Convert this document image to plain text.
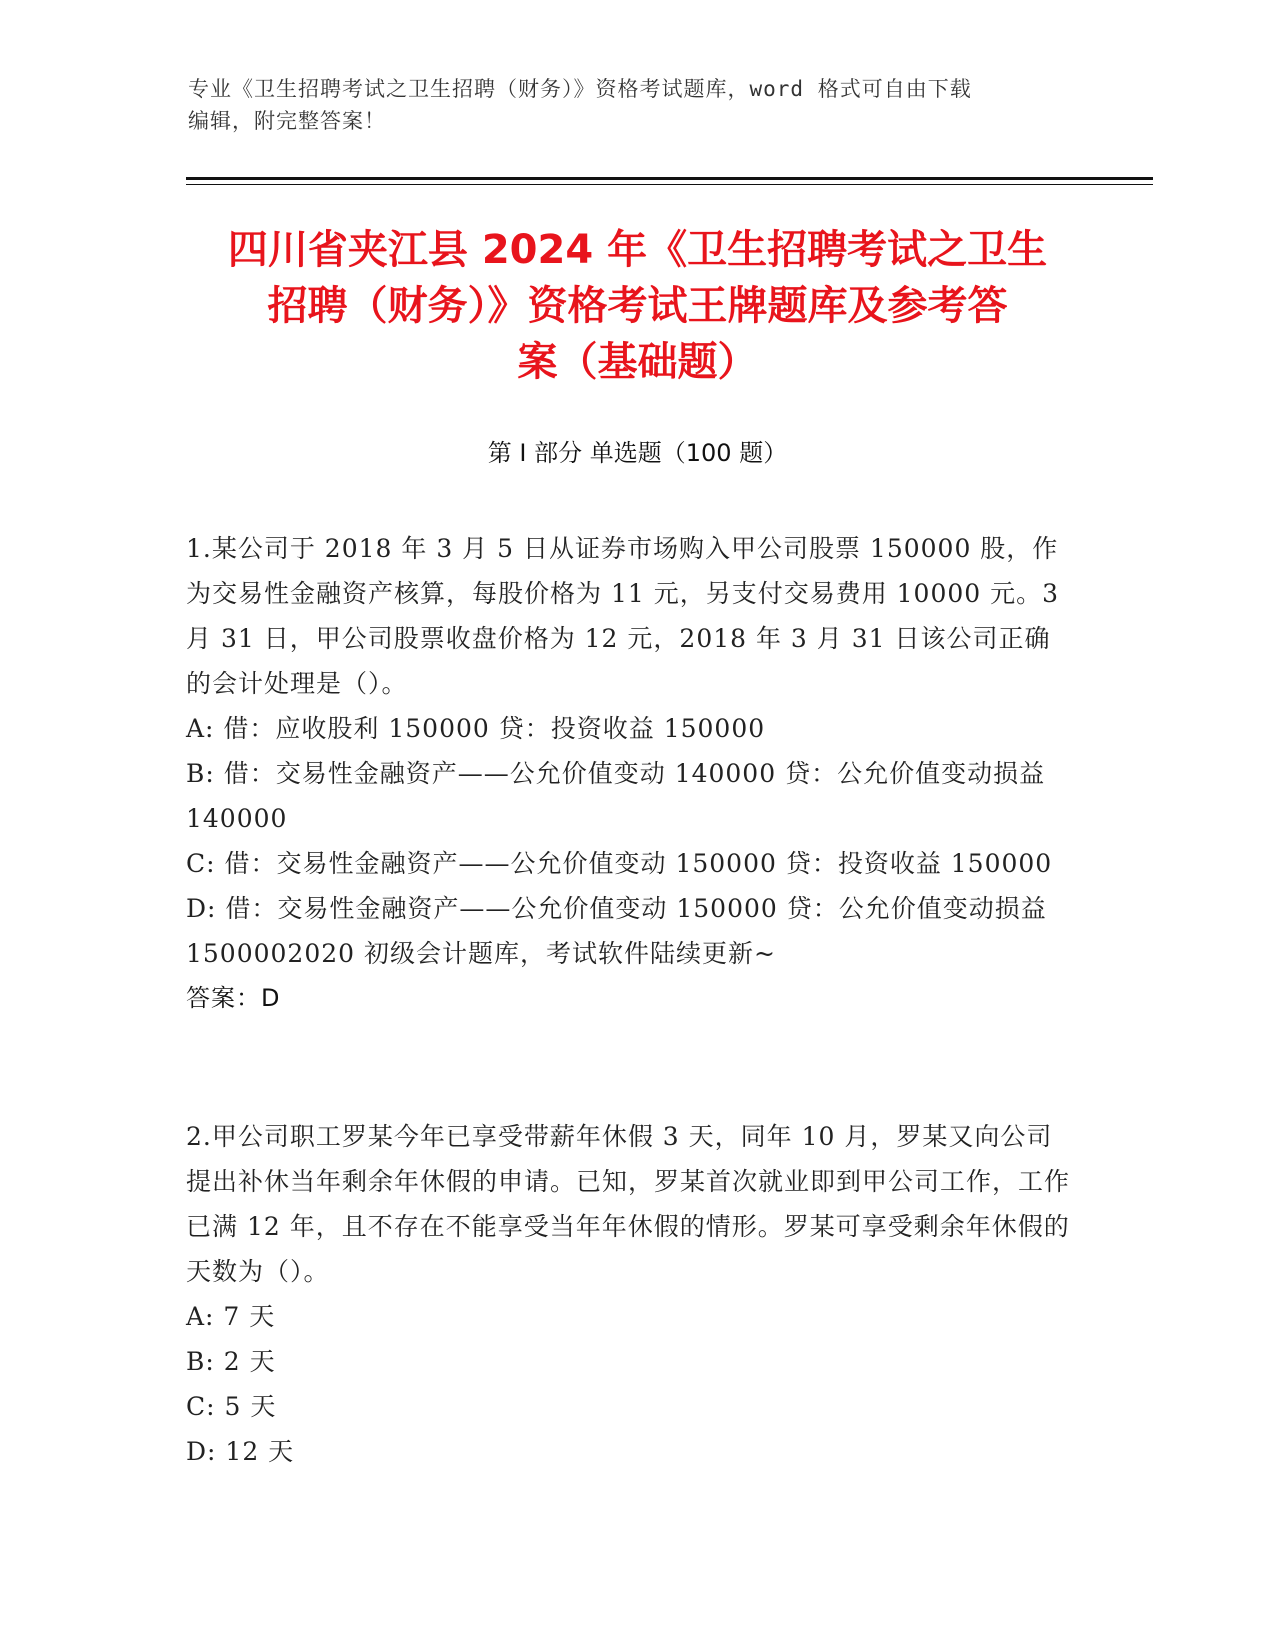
专业《卫生招聘考试之卫生招聘（财务）》资格考试题库，word 格式可自由下载
编辑，附完整答案！
四川省夹江县 2024 年《卫生招聘考试之卫生
招聘（财务）》资格考试王牌题库及参考答
案（基础题）
第 I 部分 单选题（100 题）

1.某公司于 2018 年 3 月 5 日从证券市场购入甲公司股票 150000 股，作为交易性金融资产核算，每股价格为 11 元，另支付交易费用 10000 元。3 月 31 日，甲公司股票收盘价格为 12 元，2018 年 3 月 31 日该公司正确的会计处理是（）。

A: 借：应收股利 150000 贷：投资收益 150000

B: 借：交易性金融资产——公允价值变动 140000 贷：公允价值变动损益 140000

C: 借：交易性金融资产——公允价值变动 150000 贷：投资收益 150000

D: 借：交易性金融资产——公允价值变动 150000 贷：公允价值变动损益 1500002020 初级会计题库，考试软件陆续更新~

答案：D

2.甲公司职工罗某今年已享受带薪年休假 3 天，同年 10 月，罗某又向公司提出补休当年剩余年休假的申请。已知，罗某首次就业即到甲公司工作，工作已满 12 年，且不存在不能享受当年年休假的情形。罗某可享受剩余年休假的天数为（）。

A: 7 天

B: 2 天

C: 5 天

D: 12 天
